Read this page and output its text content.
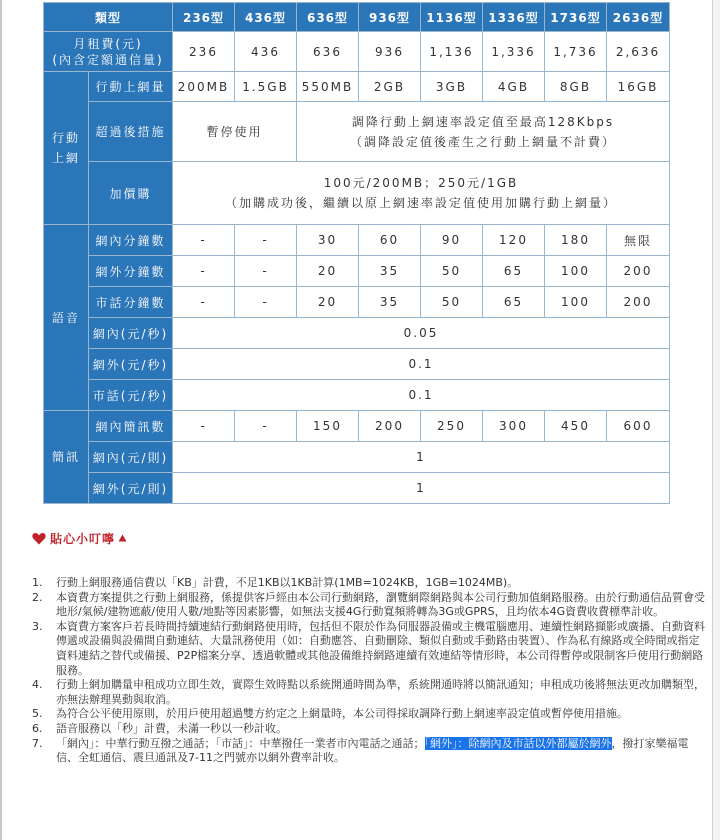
類型		236型	436型	636型	936型	1136型	1336型	1736型	2636型
月租費(元)
(內含定額通信量)		236	436	636	936	1,136	1,336	1,736	2,636
行動
上網	行動上網量	200MB	1.5GB	550MB	2GB	3GB	4GB	8GB	16GB
	超過後措施	暫停使用		調降行動上網速率設定值至最高128Kbps
（調降設定值後產生之行動上網量不計費）					

	加價購	100元/200MB；250元/1GB
（加購成功後，繼續以原上網速率設定值使用加購行動上網量）							

語音	網內分鐘數	-	-	30	60	90	120	180	無限
	網外分鐘數	-	-	20	35	50	65	100	200
	市話分鐘數	-	-	20	35	50	65	100	200
	網內(元/秒)	0.05							
	網外(元/秒)	0.1							
	市話(元/秒)	0.1							
簡訊	網內簡訊數	-	-	150	200	250	300	450	600
	網內(元/則)	1							
	網外(元/則)	1							
貼心小叮嚀
1. 行動上網服務通信費以「KB」計費，不足1KB以1KB計算(1MB=1024KB，1GB=1024MB)。
2. 本資費方案提供之行動上網服務，係提供客戶經由本公司行動網路，瀏覽網際網路與本公司行動加值網路服務。由於行動通信品質會受地形/氣候/建物遮蔽/使用人數/地點等因素影響，如無法支援4G行動寬頻將轉為3G或GPRS，且均依本4G資費收費標準計收。
3. 本資費方案客戶若長時間持續連結行動網路使用時，包括但不限於作為伺服器設備或主機電腦應用、連續性網路擷影或廣播、自動資料傳遞或設備與設備間自動連結、大量訊務使用（如：自動應答、自動刪除、類似自動或手動路由裝置）、作為私有線路或全時間或指定資料連結之替代或備援、P2P檔案分享、透過軟體或其他設備維持網路連續有效連結等情形時，本公司得暫停或限制客戶使用行動網路服務。
4. 行動上網加購量申租成功立即生效，實際生效時點以系統開通時間為準，系統開通時將以簡訊通知；申租成功後將無法更改加購類型，亦無法辦理異動與取消。
5. 為符合公平使用原則，於用戶使用超過雙方約定之上網量時，本公司得採取調降行動上網速率設定值或暫停使用措施。
6. 語音服務以「秒」計費，未滿一秒以一秒計收。
7. 「網內」：中華行動互撥之通話；「市話」：中華撥任一業者市內電話之通話；「網外」：除網內及市話以外都屬於網外，撥打家樂福電信、全虹通信、震旦通訊及7-11之門號亦以網外費率計收。
